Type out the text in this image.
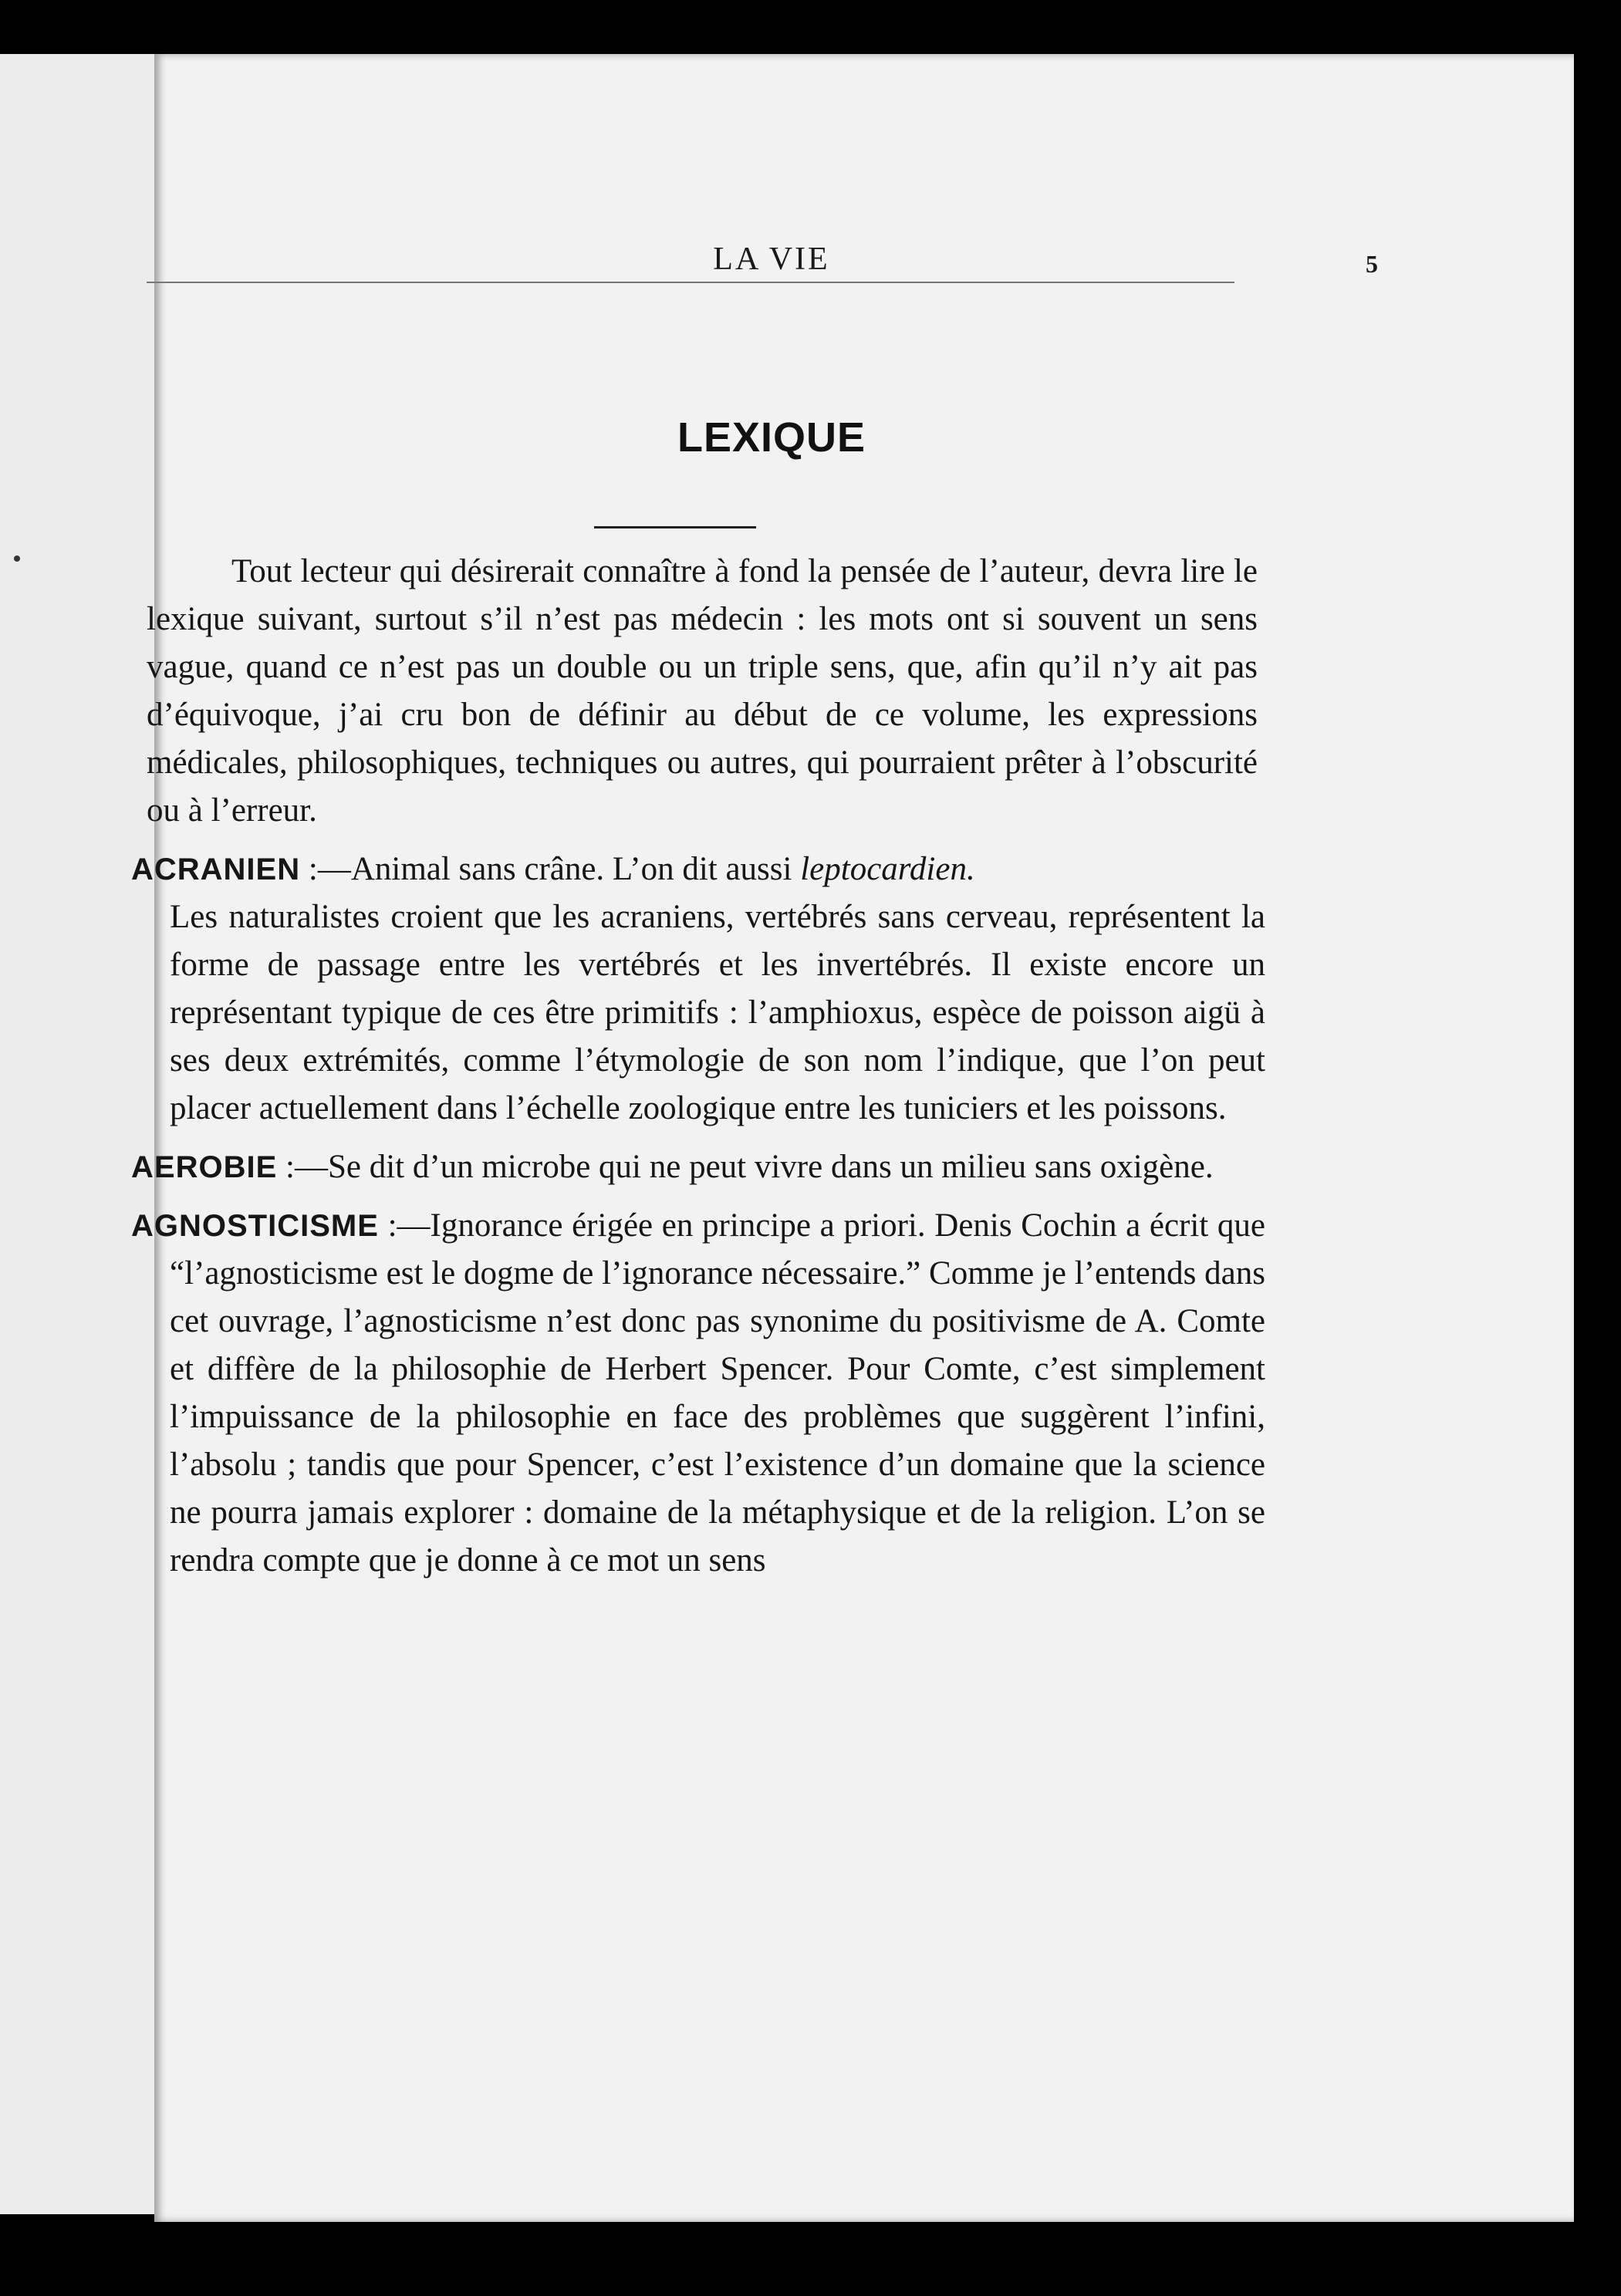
LA VIE	5
LEXIQUE

Tout lecteur qui désirerait connaître à fond la pensée de l’auteur, devra lire le lexique suivant, surtout s’il n’est pas médecin : les mots ont si souvent un sens vague, quand ce n’est pas un double ou un triple sens, que, afin qu’il n’y ait pas d’équivoque, j’ai cru bon de définir au début de ce volume, les expressions médicales, philosophiques, techniques ou autres, qui pourraient prêter à l’obscurité ou à l’erreur.

ACRANIEN :—Animal sans crâne. L’on dit aussi leptocardien.
Les naturalistes croient que les acraniens, vertébrés sans cerveau, représentent la forme de passage entre les vertébrés et les invertébrés. Il existe encore un représentant typique de ces être primitifs : l’amphioxus, espèce de poisson aigü à ses deux extrémités, comme l’étymologie de son nom l’indique, que l’on peut placer actuellement dans l’échelle zoologique entre les tuniciers et les poissons.

AEROBIE :—Se dit d’un microbe qui ne peut vivre dans un milieu sans oxigène.

AGNOSTICISME :—Ignorance érigée en principe a priori. Denis Cochin a écrit que “l’agnosticisme est le dogme de l’ignorance nécessaire.” Comme je l’entends dans cet ouvrage, l’agnosticisme n’est donc pas synonime du positivisme de A. Comte et diffère de la philosophie de Herbert Spencer. Pour Comte, c’est simplement l’impuissance de la philosophie en face des problèmes que suggèrent l’infini, l’absolu ; tandis que pour Spencer, c’est l’existence d’un domaine que la science ne pourra jamais explorer : domaine de la métaphysique et de la religion. L’on se rendra compte que je donne à ce mot un sens
